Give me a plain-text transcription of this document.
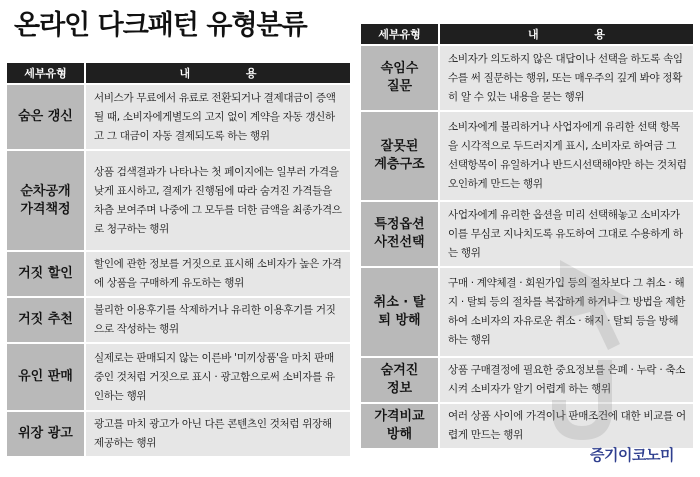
온라인 다크패턴 유형분류
세부유형	내 용
숨은 갱신
서비스가 무료에서 유료로 전환되거나 결제대금이 증액될 때, 소비자에게별도의 고지 없이 계약을 자동 갱신하고 그 대금이 자동 결제되도록 하는 행위
순차공개
가격책정
상품 검색결과가 나타나는 첫 페이지에는 일부러 가격을 낮게 표시하고, 결제가 진행됨에 따라 숨겨진 가격들을 차츰 보여주며 나중에 그 모두를 더한 금액을 최종가격으로 청구하는 행위
거짓 할인
할인에 관한 정보를 거짓으로 표시해 소비자가 높은 가격에 상품을 구매하게 유도하는 행위
거짓 추천
불리한 이용후기를 삭제하거나 유리한 이용후기를 거짓으로 작성하는 행위
유인 판매
실제로는 판매되지 않는 이른바 '미끼상품'을 마치 판매 중인 것처럼 거짓으로 표시 · 광고함으로써 소비자를 유인하는 행위
위장 광고
광고를 마치 광고가 아닌 다른 콘텐츠인 것처럼 위장해 제공하는 행위
세부유형	내 용
속임수
질문
소비자가 의도하지 않은 대답이나 선택을 하도록 속임수를 써 질문하는 행위, 또는 매우주의 깊게 봐야 정확히 알 수 있는 내용을 묻는 행위
잘못된
계층구조
소비자에게 불리하거나 사업자에게 유리한 선택 항목을 시각적으로 두드러지게 표시, 소비자로 하여금 그 선택항목이 유일하거나 반드시선택해야만 하는 것처럼 오인하게 만드는 행위
특정옵션
사전선택
사업자에게 유리한 옵션을 미리 선택해놓고 소비자가 이를 무심코 지나치도록 유도하여 그대로 수용하게 하는 행위
취소 · 탈
퇴 방해
구매 · 계약체결 · 회원가입 등의 절차보다 그 취소 · 해지 · 탈퇴 등의 절차를 복잡하게 하거나 그 방법을 제한하여 소비자의 자유로운 취소 · 해지 · 탈퇴 등을 방해하는 행위
숨겨진
정보
상품 구매결정에 필요한 중요정보를 은폐 · 누락 · 축소시켜 소비자가 알기 어렵게 하는 행위
가격비교
방해
여러 상품 사이에 가격이나 판매조건에 대한 비교를 어렵게 만드는 행위
증기이코노미
